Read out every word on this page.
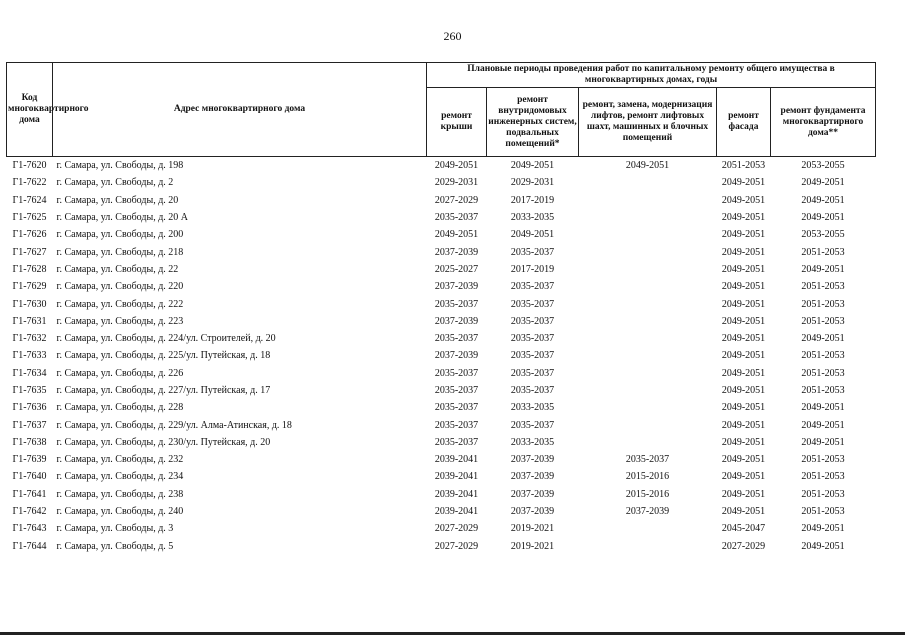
260
Код многоквартирного дома	Адрес многоквартирного дома	Плановые периоды проведения работ по капитальному ремонту общего имущества в многоквартирных домах, годы				
		ремонт крыши	ремонт внутридомовых инженерных систем, подвальных помещений*	ремонт, замена, модернизация лифтов, ремонт лифтовых шахт, машинных и блочных помещений	ремонт фасада	ремонт фундамента многоквартирного дома**
Г1-7620	г. Самара, ул. Свободы, д. 198	2049-2051	2049-2051	2049-2051	2051-2053	2053-2055
Г1-7622	г. Самара, ул. Свободы, д. 2	2029-2031	2029-2031		2049-2051	2049-2051
Г1-7624	г. Самара, ул. Свободы, д. 20	2027-2029	2017-2019		2049-2051	2049-2051
Г1-7625	г. Самара, ул. Свободы, д. 20 А	2035-2037	2033-2035		2049-2051	2049-2051
Г1-7626	г. Самара, ул. Свободы, д. 200	2049-2051	2049-2051		2049-2051	2053-2055
Г1-7627	г. Самара, ул. Свободы, д. 218	2037-2039	2035-2037		2049-2051	2051-2053
Г1-7628	г. Самара, ул. Свободы, д. 22	2025-2027	2017-2019		2049-2051	2049-2051
Г1-7629	г. Самара, ул. Свободы, д. 220	2037-2039	2035-2037		2049-2051	2051-2053
Г1-7630	г. Самара, ул. Свободы, д. 222	2035-2037	2035-2037		2049-2051	2051-2053
Г1-7631	г. Самара, ул. Свободы, д. 223	2037-2039	2035-2037		2049-2051	2051-2053
Г1-7632	г. Самара, ул. Свободы, д. 224/ул. Строителей, д. 20	2035-2037	2035-2037		2049-2051	2049-2051
Г1-7633	г. Самара, ул. Свободы, д. 225/ул. Путейская, д. 18	2037-2039	2035-2037		2049-2051	2051-2053
Г1-7634	г. Самара, ул. Свободы, д. 226	2035-2037	2035-2037		2049-2051	2051-2053
Г1-7635	г. Самара, ул. Свободы, д. 227/ул. Путейская, д. 17	2035-2037	2035-2037		2049-2051	2051-2053
Г1-7636	г. Самара, ул. Свободы, д. 228	2035-2037	2033-2035		2049-2051	2049-2051
Г1-7637	г. Самара, ул. Свободы, д. 229/ул. Алма-Атинская, д. 18	2035-2037	2035-2037		2049-2051	2049-2051
Г1-7638	г. Самара, ул. Свободы, д. 230/ул. Путейская, д. 20	2035-2037	2033-2035		2049-2051	2049-2051
Г1-7639	г. Самара, ул. Свободы, д. 232	2039-2041	2037-2039	2035-2037	2049-2051	2051-2053
Г1-7640	г. Самара, ул. Свободы, д. 234	2039-2041	2037-2039	2015-2016	2049-2051	2051-2053
Г1-7641	г. Самара, ул. Свободы, д. 238	2039-2041	2037-2039	2015-2016	2049-2051	2051-2053
Г1-7642	г. Самара, ул. Свободы, д. 240	2039-2041	2037-2039	2037-2039	2049-2051	2051-2053
Г1-7643	г. Самара, ул. Свободы, д. 3	2027-2029	2019-2021		2045-2047	2049-2051
Г1-7644	г. Самара, ул. Свободы, д. 5	2027-2029	2019-2021		2027-2029	2049-2051
